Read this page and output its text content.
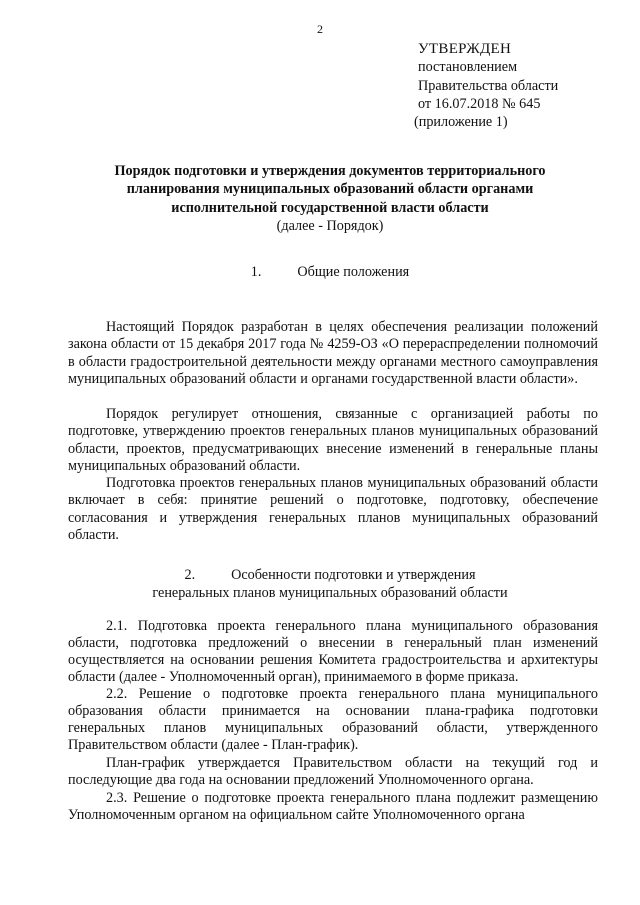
2
УТВЕРЖДЕН
постановлением
Правительства области
от 16.07.2018 № 645
(приложение 1)
Порядок подготовки и утверждения документов территориального
планирования муниципальных образований области органами
исполнительной государственной власти области
(далее - Порядок)
1.	Общие положения
Настоящий Порядок разработан в целях обеспечения реализации положений закона области от 15 декабря 2017 года № 4259-ОЗ «О перераспределении полномочий в области градостроительной деятельности между органами местного самоуправления муниципальных образований области и органами государственной власти области».
Порядок регулирует отношения, связанные с организацией работы по подготовке, утверждению проектов генеральных планов муниципальных образований области, проектов, предусматривающих внесение изменений в генеральные планы муниципальных образований области.
Подготовка проектов генеральных планов муниципальных образований области включает в себя: принятие решений о подготовке, подготовку, обеспечение согласования и утверждения генеральных планов муниципальных образований области.
2.	Особенности подготовки и утверждения
генеральных планов муниципальных образований области
2.1. Подготовка проекта генерального плана муниципального образования области, подготовка предложений о внесении в генеральный план изменений осуществляется на основании решения Комитета градостроительства и архитектуры области (далее - Уполномоченный орган), принимаемого в форме приказа.
2.2. Решение о подготовке проекта генерального плана муниципального образования области принимается на основании плана-графика подготовки генеральных планов муниципальных образований области, утвержденного Правительством области (далее - План-график).
План-график утверждается Правительством области на текущий год и последующие два года на основании предложений Уполномоченного органа.
2.3. Решение о подготовке проекта генерального плана подлежит размещению Уполномоченным органом на официальном сайте Уполномоченного органа
